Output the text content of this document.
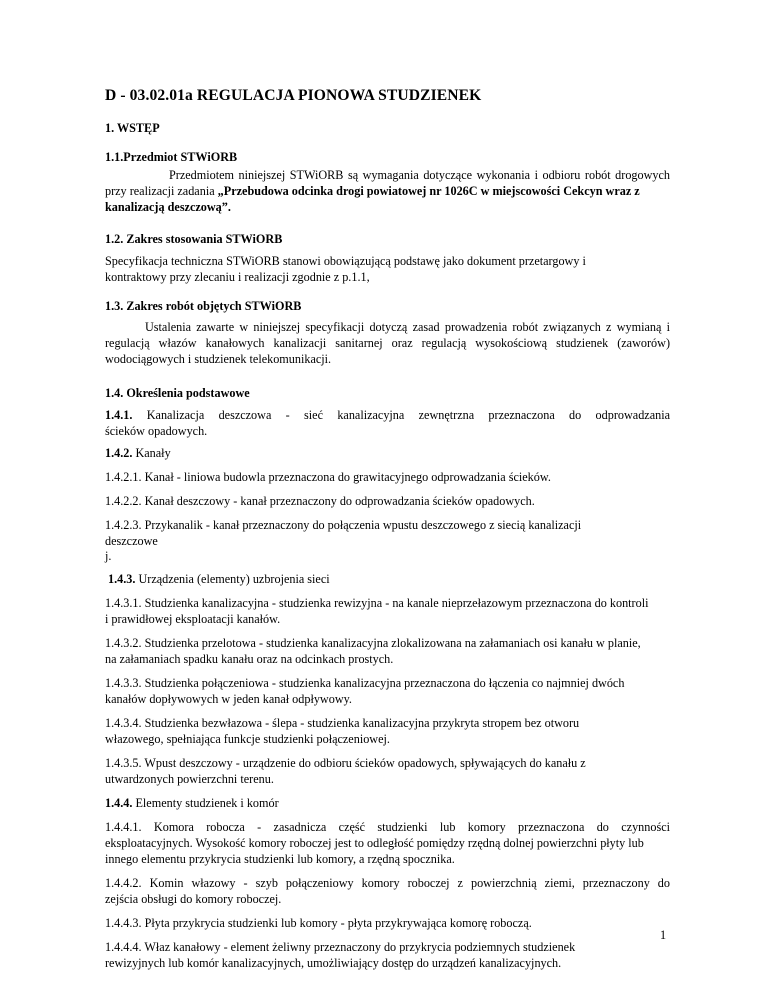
D - 03.02.01a REGULACJA PIONOWA STUDZIENEK

1. WSTĘP

1.1.Przedmiot STWiORB

Przedmiotem niniejszej STWiORB są wymagania dotyczące wykonania i odbioru robót drogowych

przy realizacji zadania „Przebudowa odcinka drogi powiatowej nr 1026C w miejscowości Cekcyn wraz z

kanalizacją deszczową”.

1.2. Zakres stosowania STWiORB

Specyfikacja techniczna STWiORB stanowi obowiązującą podstawę jako dokument przetargowy i

kontraktowy przy zlecaniu i realizacji zgodnie z p.1.1,

1.3. Zakres robót objętych STWiORB

Ustalenia zawarte w niniejszej specyfikacji dotyczą zasad prowadzenia robót związanych z wymianą i

regulacją włazów kanałowych kanalizacji sanitarnej oraz regulacją wysokościową studzienek (zaworów)

wodociągowych i studzienek telekomunikacji.

1.4. Określenia podstawowe

1.4.1. Kanalizacja deszczowa - sieć kanalizacyjna zewnętrzna przeznaczona do odprowadzania

ścieków opadowych.

1.4.2. Kanały

1.4.2.1. Kanał - liniowa budowla przeznaczona do grawitacyjnego odprowadzania ścieków.

1.4.2.2. Kanał deszczowy - kanał przeznaczony do odprowadzania ścieków opadowych.

1.4.2.3. Przykanalik - kanał przeznaczony do połączenia wpustu deszczowego z siecią kanalizacji

deszczowe

j.

1.4.3. Urządzenia (elementy) uzbrojenia sieci

1.4.3.1. Studzienka kanalizacyjna - studzienka rewizyjna - na kanale nieprzełazowym przeznaczona do kontroli

i prawidłowej eksploatacji kanałów.

1.4.3.2. Studzienka przelotowa - studzienka kanalizacyjna zlokalizowana na załamaniach osi kanału w planie,

na załamaniach spadku kanału oraz na odcinkach prostych.

1.4.3.3. Studzienka połączeniowa - studzienka kanalizacyjna przeznaczona do łączenia co najmniej dwóch

kanałów dopływowych w jeden kanał odpływowy.

1.4.3.4. Studzienka bezwłazowa - ślepa - studzienka kanalizacyjna przykryta stropem bez otworu

włazowego, spełniająca funkcje studzienki połączeniowej.

1.4.3.5. Wpust deszczowy - urządzenie do odbioru ścieków opadowych, spływających do kanału z

utwardzonych powierzchni terenu.

1.4.4. Elementy studzienek i komór

1.4.4.1. Komora robocza - zasadnicza część studzienki lub komory przeznaczona do czynności

eksploatacyjnych. Wysokość komory roboczej jest to odległość pomiędzy rzędną dolnej powierzchni płyty lub

innego elementu przykrycia studzienki lub komory, a rzędną spocznika.

1.4.4.2. Komin włazowy - szyb połączeniowy komory roboczej z powierzchnią ziemi, przeznaczony do

zejścia obsługi do komory roboczej.

1.4.4.3. Płyta przykrycia studzienki lub komory - płyta przykrywająca komorę roboczą.

1.4.4.4. Właz kanałowy - element żeliwny przeznaczony do przykrycia podziemnych studzienek

rewizyjnych lub komór kanalizacyjnych, umożliwiający dostęp do urządzeń kanalizacyjnych.

1
